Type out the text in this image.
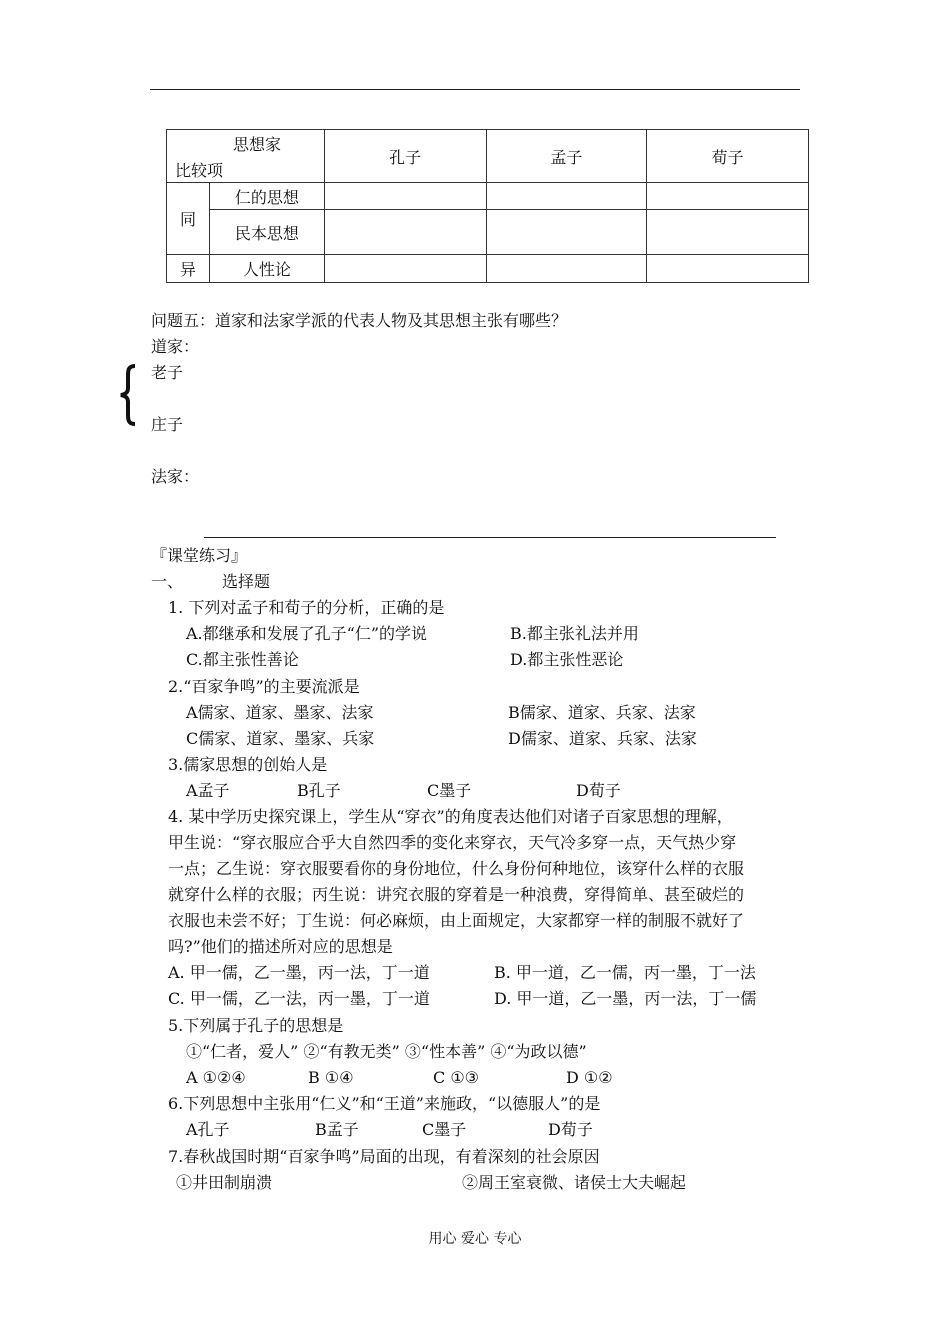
思想家
比较项		孔子	孟子	荀子
同	仁的思想			
	民本思想			
异	人性论			
问题五：道家和法家学派的代表人物及其思想主张有哪些？
道家：
老子
庄子
法家：
『课堂练习』
一、 选择题
1. 下列对孟子和荀子的分析，正确的是
A.都继承和发展了孔子“仁”的学说	B.都主张礼法并用
C.都主张性善论	D.都主张性恶论
2.“百家争鸣”的主要流派是
A儒家、道家、墨家、法家	B儒家、道家、兵家、法家
C儒家、道家、墨家、兵家	D儒家、道家、兵家、法家
3.儒家思想的创始人是
A孟子	B孔子	C墨子	D荀子
4. 某中学历史探究课上，学生从“穿衣”的角度表达他们对诸子百家思想的理解，
甲生说：“穿衣服应合乎大自然四季的变化来穿衣，天气冷多穿一点，天气热少穿
一点；乙生说：穿衣服要看你的身份地位，什么身份何种地位，该穿什么样的衣服
就穿什么样的衣服；丙生说：讲究衣服的穿着是一种浪费，穿得简单、甚至破烂的
衣服也未尝不好；丁生说：何必麻烦，由上面规定，大家都穿一样的制服不就好了
吗?”他们的描述所对应的思想是
A. 甲一儒，乙一墨，丙一法，丁一道	B. 甲一道，乙一儒，丙一墨，丁一法
C. 甲一儒，乙一法，丙一墨，丁一道	D. 甲一道，乙一墨，丙一法，丁一儒
5.下列属于孔子的思想是
①“仁者，爱人” ②“有教无类” ③“性本善” ④“为政以德”
A ①②④	B ①④	C ①③	D ①②
6.下列思想中主张用“仁义”和“王道”来施政，“以德服人”的是
A孔子	B孟子	C墨子	D荀子
7.春秋战国时期“百家争鸣”局面的出现，有着深刻的社会原因
①井田制崩溃	②周王室衰微、诸侯士大夫崛起
用心 爱心 专心
